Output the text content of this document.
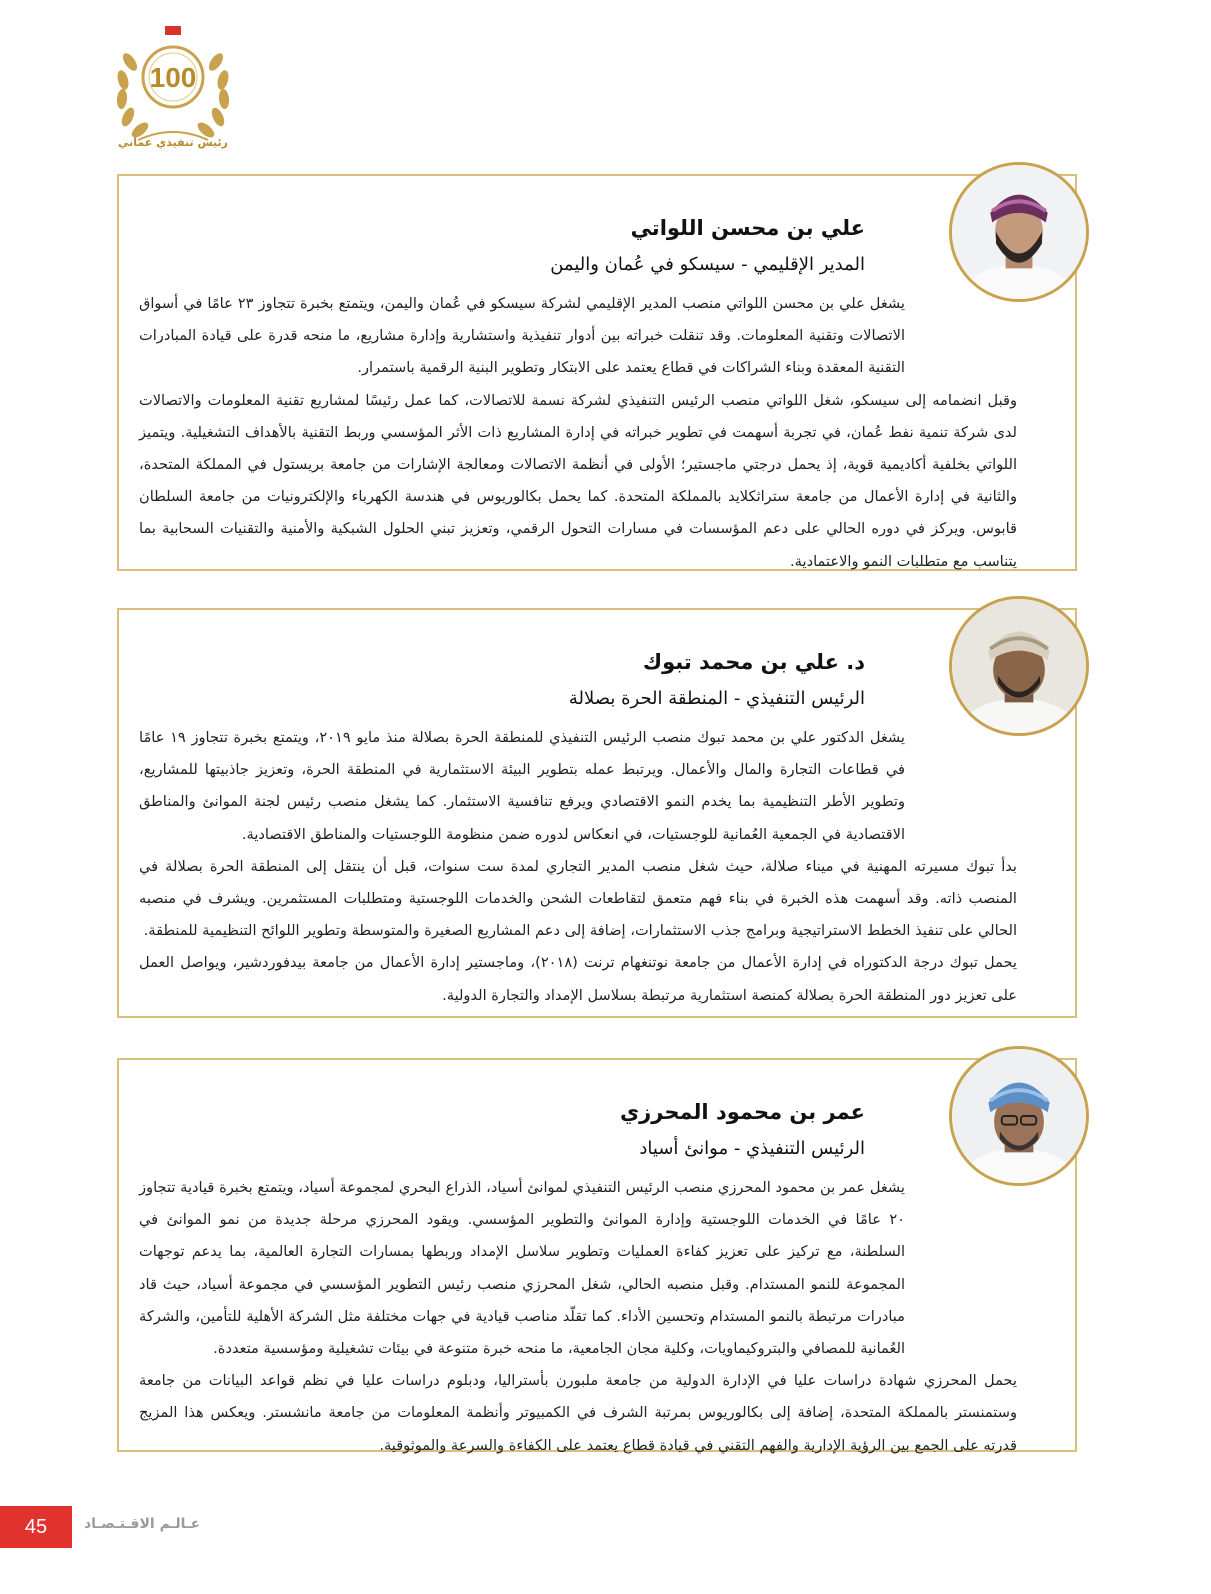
100
رئيس تنفيذي عماني
علي بن محسن اللواتي
المدير الإقليمي - سيسكو في عُمان واليمن

يشغل علي بن محسن اللواتي منصب المدير الإقليمي لشركة سيسكو في عُمان واليمن، ويتمتع بخبرة تتجاوز ٢٣ عامًا في أسواق الاتصالات وتقنية المعلومات. وقد تنقلت خبراته بين أدوار تنفيذية واستشارية وإدارة مشاريع، ما منحه قدرة على قيادة المبادرات التقنية المعقدة وبناء الشراكات في قطاع يعتمد على الابتكار وتطوير البنية الرقمية باستمرار.

وقبل انضمامه إلى سيسكو، شغل اللواتي منصب الرئيس التنفيذي لشركة نسمة للاتصالات، كما عمل رئيسًا لمشاريع تقنية المعلومات والاتصالات لدى شركة تنمية نفط عُمان، في تجربة أسهمت في تطوير خبراته في إدارة المشاريع ذات الأثر المؤسسي وربط التقنية بالأهداف التشغيلية. ويتميز اللواتي بخلفية أكاديمية قوية، إذ يحمل درجتي ماجستير؛ الأولى في أنظمة الاتصالات ومعالجة الإشارات من جامعة بريستول في المملكة المتحدة، والثانية في إدارة الأعمال من جامعة ستراثكلايد بالمملكة المتحدة. كما يحمل بكالوريوس في هندسة الكهرباء والإلكترونيات من جامعة السلطان قابوس. ويركز في دوره الحالي على دعم المؤسسات في مسارات التحول الرقمي، وتعزيز تبني الحلول الشبكية والأمنية والتقنيات السحابية بما يتناسب مع متطلبات النمو والاعتمادية.

د. علي بن محمد تبوك
الرئيس التنفيذي - المنطقة الحرة بصلالة

يشغل الدكتور علي بن محمد تبوك منصب الرئيس التنفيذي للمنطقة الحرة بصلالة منذ مايو ٢٠١٩، ويتمتع بخبرة تتجاوز ١٩ عامًا في قطاعات التجارة والمال والأعمال. ويرتبط عمله بتطوير البيئة الاستثمارية في المنطقة الحرة، وتعزيز جاذبيتها للمشاريع، وتطوير الأطر التنظيمية بما يخدم النمو الاقتصادي ويرفع تنافسية الاستثمار. كما يشغل منصب رئيس لجنة الموانئ والمناطق الاقتصادية في الجمعية العُمانية للوجستيات، في انعكاس لدوره ضمن منظومة اللوجستيات والمناطق الاقتصادية.

بدأ تبوك مسيرته المهنية في ميناء صلالة، حيث شغل منصب المدير التجاري لمدة ست سنوات، قبل أن ينتقل إلى المنطقة الحرة بصلالة في المنصب ذاته. وقد أسهمت هذه الخبرة في بناء فهم متعمق لتقاطعات الشحن والخدمات اللوجستية ومتطلبات المستثمرين. ويشرف في منصبه الحالي على تنفيذ الخطط الاستراتيجية وبرامج جذب الاستثمارات، إضافة إلى دعم المشاريع الصغيرة والمتوسطة وتطوير اللوائح التنظيمية للمنطقة.

يحمل تبوك درجة الدكتوراه في إدارة الأعمال من جامعة نوتنغهام ترنت (٢٠١٨)، وماجستير إدارة الأعمال من جامعة بيدفوردشير، ويواصل العمل على تعزيز دور المنطقة الحرة بصلالة كمنصة استثمارية مرتبطة بسلاسل الإمداد والتجارة الدولية.

عمر بن محمود المحرزي
الرئيس التنفيذي - موانئ أسياد

يشغل عمر بن محمود المحرزي منصب الرئيس التنفيذي لموانئ أسياد، الذراع البحري لمجموعة أسياد، ويتمتع بخبرة قيادية تتجاوز ٢٠ عامًا في الخدمات اللوجستية وإدارة الموانئ والتطوير المؤسسي. ويقود المحرزي مرحلة جديدة من نمو الموانئ في السلطنة، مع تركيز على تعزيز كفاءة العمليات وتطوير سلاسل الإمداد وربطها بمسارات التجارة العالمية، بما يدعم توجهات المجموعة للنمو المستدام. وقبل منصبه الحالي، شغل المحرزي منصب رئيس التطوير المؤسسي في مجموعة أسياد، حيث قاد مبادرات مرتبطة بالنمو المستدام وتحسين الأداء. كما تقلّد مناصب قيادية في جهات مختلفة مثل الشركة الأهلية للتأمين، والشركة العُمانية للمصافي والبتروكيماويات، وكلية مجان الجامعية، ما منحه خبرة متنوعة في بيئات تشغيلية ومؤسسية متعددة.

يحمل المحرزي شهادة دراسات عليا في الإدارة الدولية من جامعة ملبورن بأستراليا، ودبلوم دراسات عليا في نظم قواعد البيانات من جامعة وستمنستر بالمملكة المتحدة، إضافة إلى بكالوريوس بمرتبة الشرف في الكمبيوتر وأنظمة المعلومات من جامعة مانشستر. ويعكس هذا المزيج قدرته على الجمع بين الرؤية الإدارية والفهم التقني في قيادة قطاع يعتمد على الكفاءة والسرعة والموثوقية.

45	عـالـم الاقـتـصـاد
